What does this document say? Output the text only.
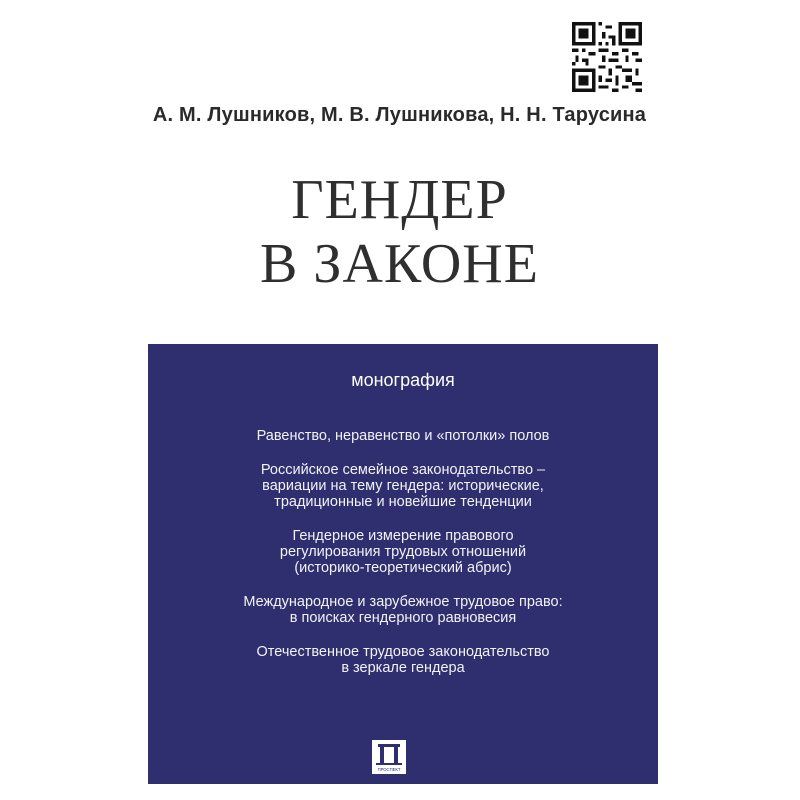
А. М. Лушников, М. В. Лушникова, Н. Н. Тарусина
ГЕНДЕР
В ЗАКОНЕ
монография
Равенство, неравенство и «потолки» полов
Российское семейное законодательство –
вариации на тему гендера: исторические,
традиционные и новейшие тенденции
Гендерное измерение правового
регулирования трудовых отношений
(историко-теоретический абрис)
Международное и зарубежное трудовое право:
в поисках гендерного равновесия
Отечественное трудовое законодательство
в зеркале гендера
ПРОСПЕКТ
